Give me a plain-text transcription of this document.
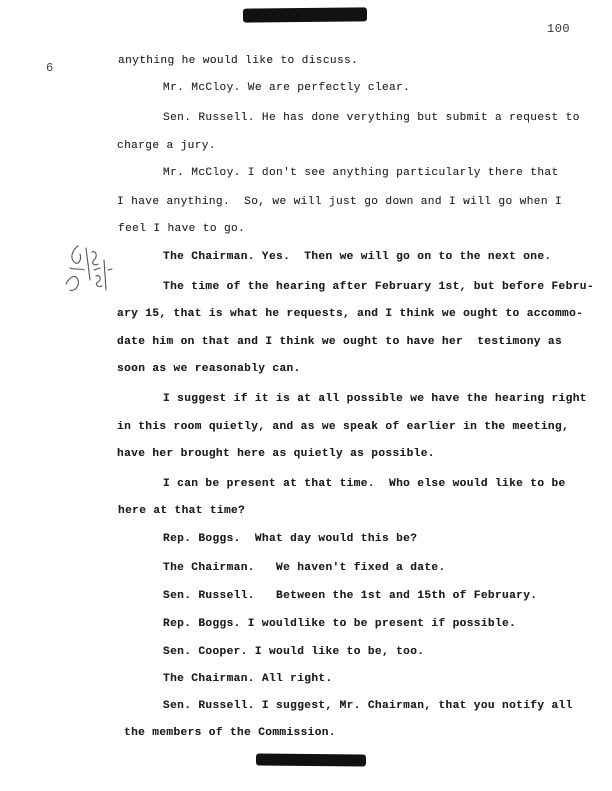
100
6	anything he would like to discuss.
Mr. McCloy. We are perfectly clear.
Sen. Russell. He has done verything but submit a request to
charge a jury.
Mr. McCloy. I don't see anything particularly there that
I have anything.  So, we will just go down and I will go when I
feel I have to go.
The Chairman. Yes.  Then we will go on to the next one.
The time of the hearing after February 1st, but before Febru-
ary 15, that is what he requests, and I think we ought to accommo-
date him on that and I think we ought to have her  testimony as
soon as we reasonably can.
I suggest if it is at all possible we have the hearing right
in this room quietly, and as we speak of earlier in the meeting,
have her brought here as quietly as possible.
I can be present at that time.  Who else would like to be
here at that time?
Rep. Boggs.  What day would this be?
The Chairman.   We haven't fixed a date.
Sen. Russell.   Between the 1st and 15th of February.
Rep. Boggs. I wouldlike to be present if possible.
Sen. Cooper. I would like to be, too.
The Chairman. All right.
Sen. Russell. I suggest, Mr. Chairman, that you notify all
the members of the Commission.
